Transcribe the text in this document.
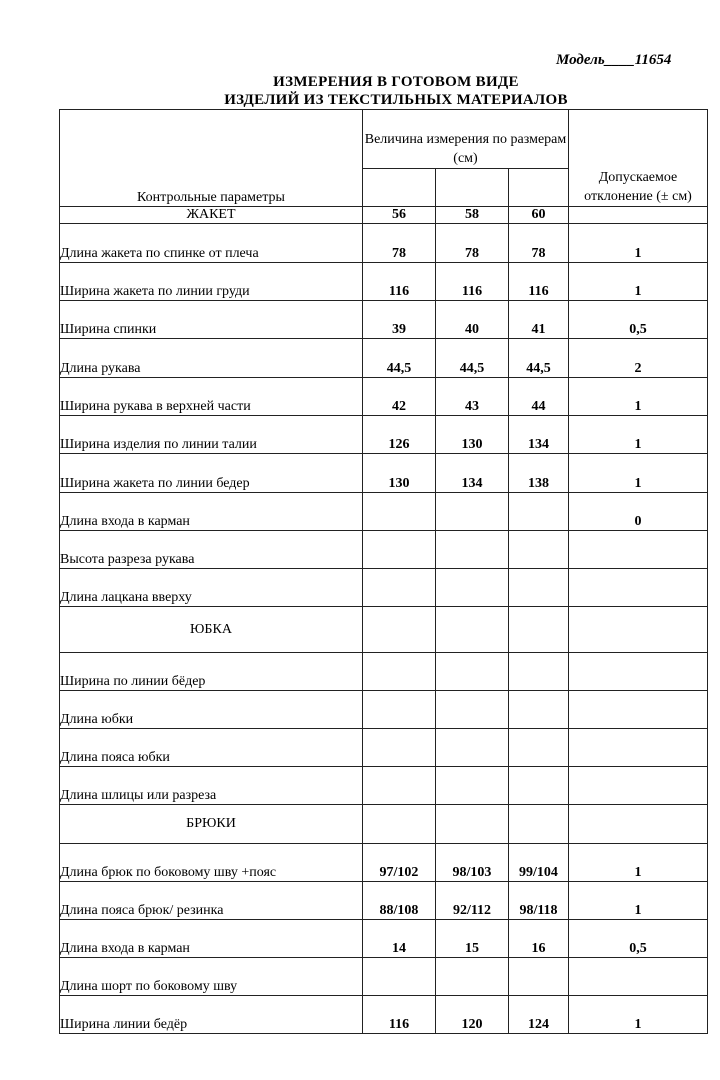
Модель____11654
ИЗМЕРЕНИЯ В ГОТОВОМ ВИДЕ
ИЗДЕЛИЙ ИЗ ТЕКСТИЛЬНЫХ МАТЕРИАЛОВ
Контрольные параметры	Величина измерения по размерам (см)			Допускаемое отклонение (± см)

ЖАКЕТ	56	58	60	
Длина жакета по спинке от плеча	78	78	78	1
Ширина жакета по линии груди	116	116	116	1
Ширина спинки	39	40	41	0,5
Длина рукава	44,5	44,5	44,5	2
Ширина рукава в верхней части	42	43	44	1
Ширина изделия по линии талии	126	130	134	1
Ширина жакета по линии бедер	130	134	138	1
Длина входа в карман				0
Высота разреза рукава				
Длина лацкана вверху				
ЮБКА				
Ширина по линии бёдер				
Длина юбки				
Длина пояса юбки				
Длина шлицы или разреза				
БРЮКИ				
Длина брюк по боковому шву +пояс	97/102	98/103	99/104	1
Длина пояса брюк/ резинка	88/108	92/112	98/118	1
Длина входа в карман	14	15	16	0,5
Длина шорт по боковому шву				
Ширина линии бедёр	116	120	124	1
